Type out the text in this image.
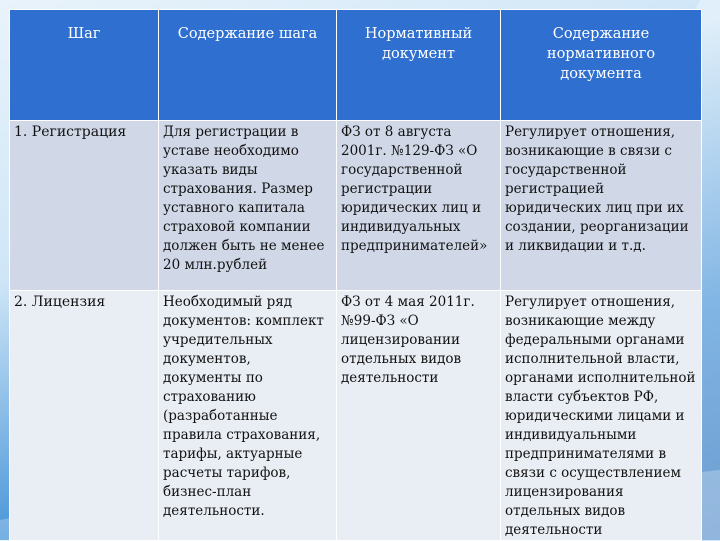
Шаг	Содержание шага	Нормативный документ	Содержание нормативного документа
1. Регистрация	Для регистрации в уставе необходимо указать виды страхования. Размер уставного капитала страховой компании должен быть не менее 20 млн.рублей	ФЗ от 8 августа 2001г. №129-ФЗ «О государственной регистрации юридических лиц и индивидуальных предпринимателей»	Регулирует отношения, возникающие в связи с государственной регистрацией юридических лиц при их создании, реорганизации и ликвидации и т.д.
2. Лицензия	Необходимый ряд документов: комплект учредительных документов, документы по страхованию (разработанные правила страхования, тарифы, актуарные расчеты тарифов, бизнес-план деятельности.	ФЗ от 4 мая 2011г. №99-ФЗ «О лицензировании отдельных видов деятельности	Регулирует отношения, возникающие между федеральными органами исполнительной власти, органами исполнительной власти субъектов РФ, юридическими лицами и индивидуальными предпринимателями в связи с осуществлением лицензирования отдельных видов деятельности
